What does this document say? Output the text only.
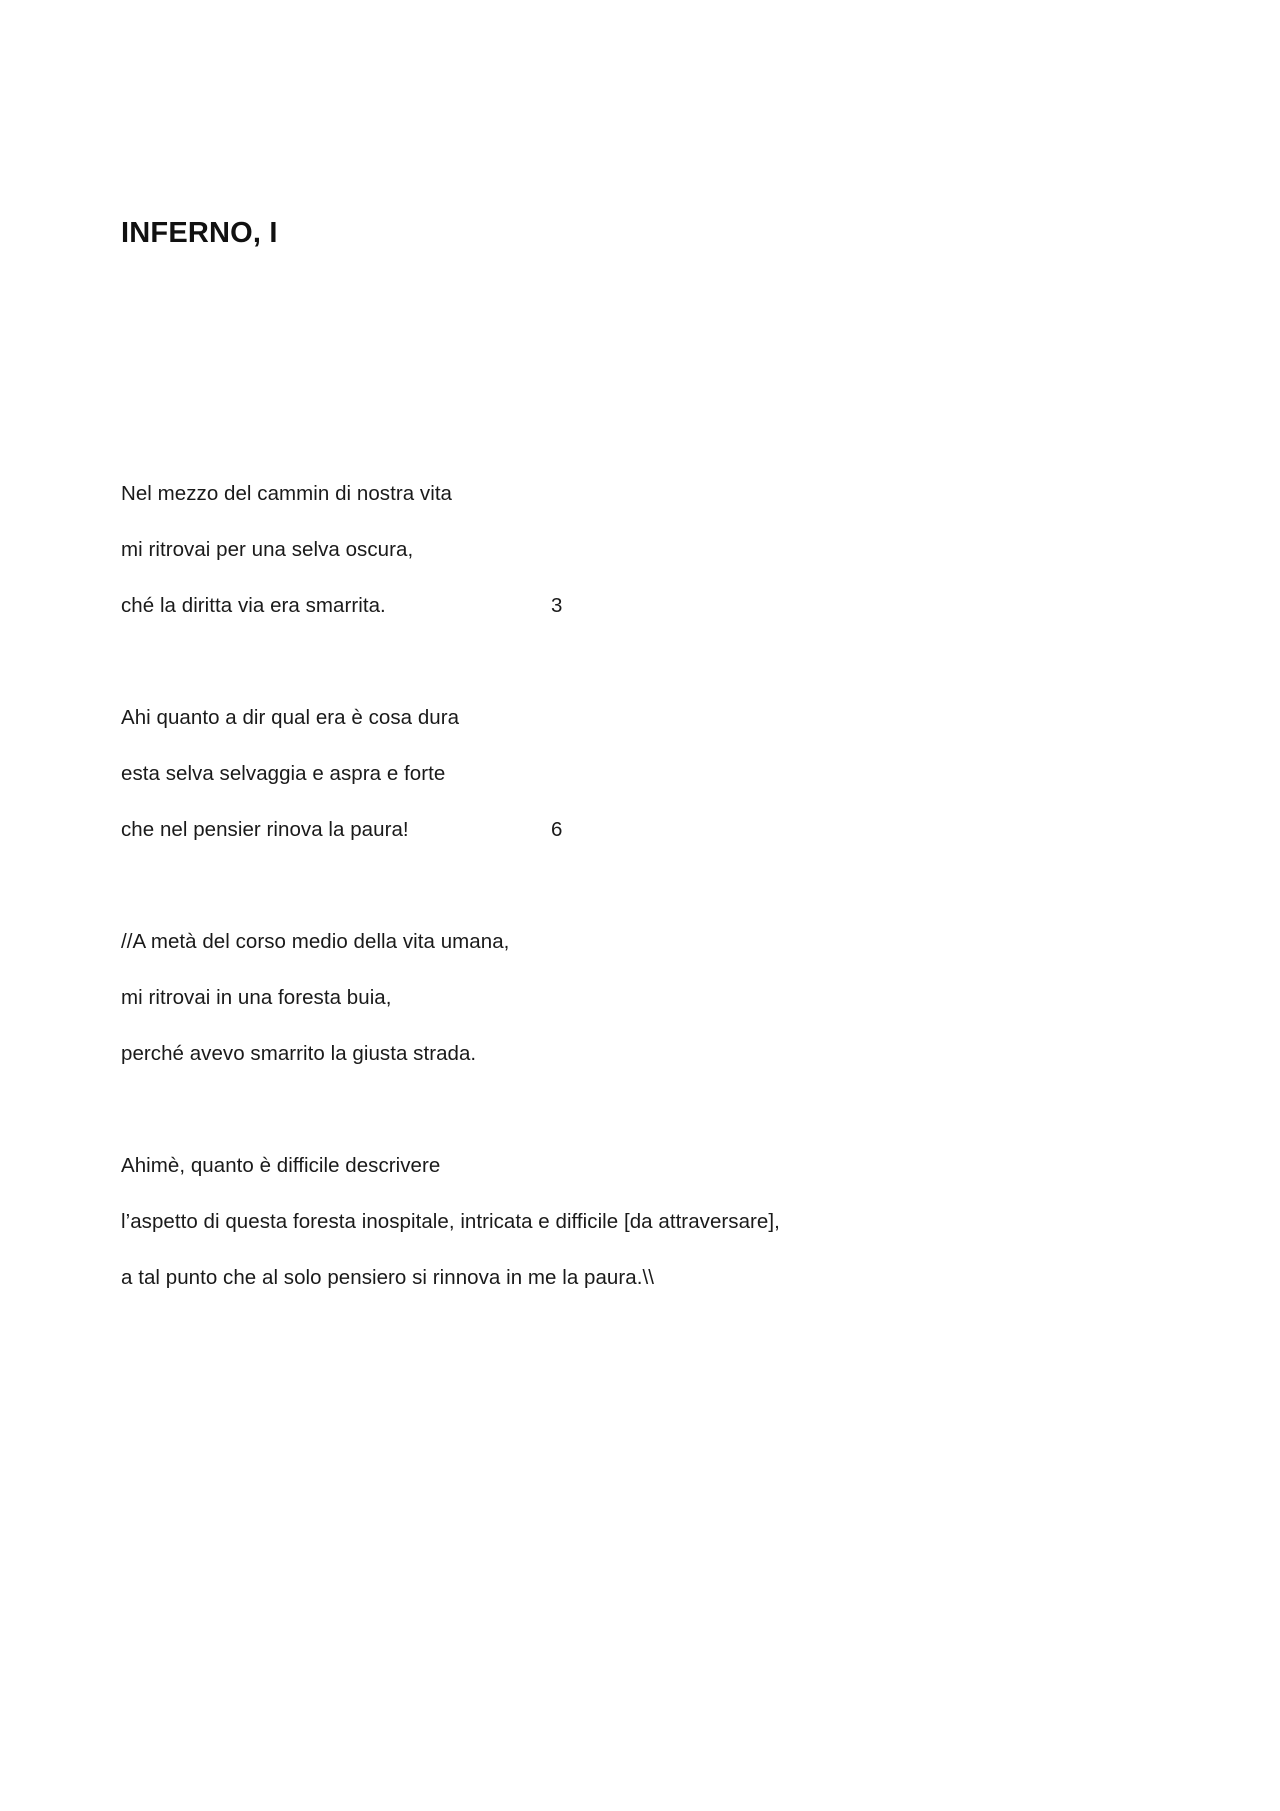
INFERNO, I
Nel mezzo del cammin di nostra vita
mi ritrovai per una selva oscura,
ché la diritta via era smarrita.	3
Ahi quanto a dir qual era è cosa dura
esta selva selvaggia e aspra e forte
che nel pensier rinova la paura!	6
//A metà del corso medio della vita umana,
mi ritrovai in una foresta buia,
perché avevo smarrito la giusta strada.
Ahimè, quanto è difficile descrivere
l’aspetto di questa foresta inospitale, intricata e difficile [da attraversare],
a tal punto che al solo pensiero si rinnova in me la paura.\\
